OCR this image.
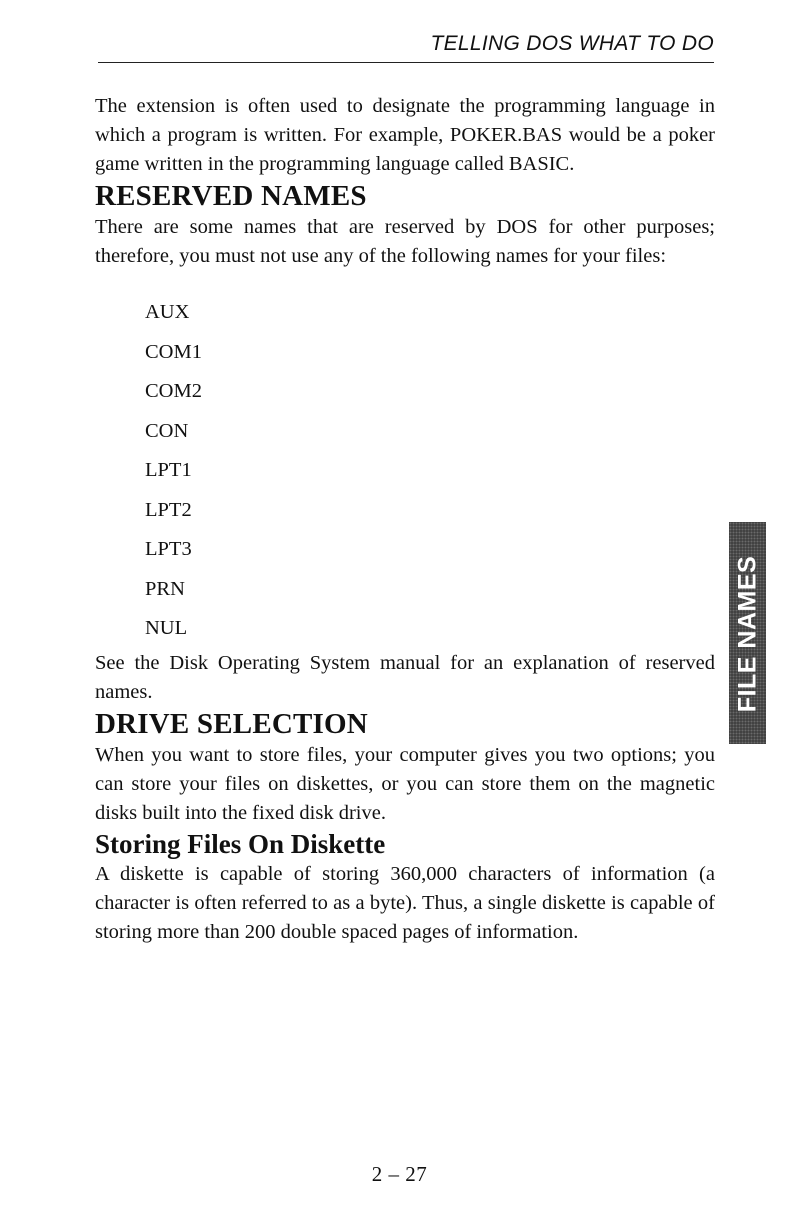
TELLING DOS WHAT TO DO

The extension is often used to designate the programming language in which a program is written. For example, POKER.BAS would be a poker game written in the programming language called BASIC.

RESERVED NAMES

There are some names that are reserved by DOS for other purposes; therefore, you must not use any of the following names for your files:

AUX
COM1
COM2
CON
LPT1
LPT2
LPT3
PRN
NUL

See the Disk Operating System manual for an explanation of reserved names.

DRIVE SELECTION

When you want to store files, your computer gives you two options; you can store your files on diskettes, or you can store them on the magnetic disks built into the fixed disk drive.

Storing Files On Diskette

A diskette is capable of storing 360,000 characters of information (a character is often referred to as a byte). Thus, a single diskette is capable of storing more than 200 double spaced pages of information.

FILE NAMES
2 – 27
